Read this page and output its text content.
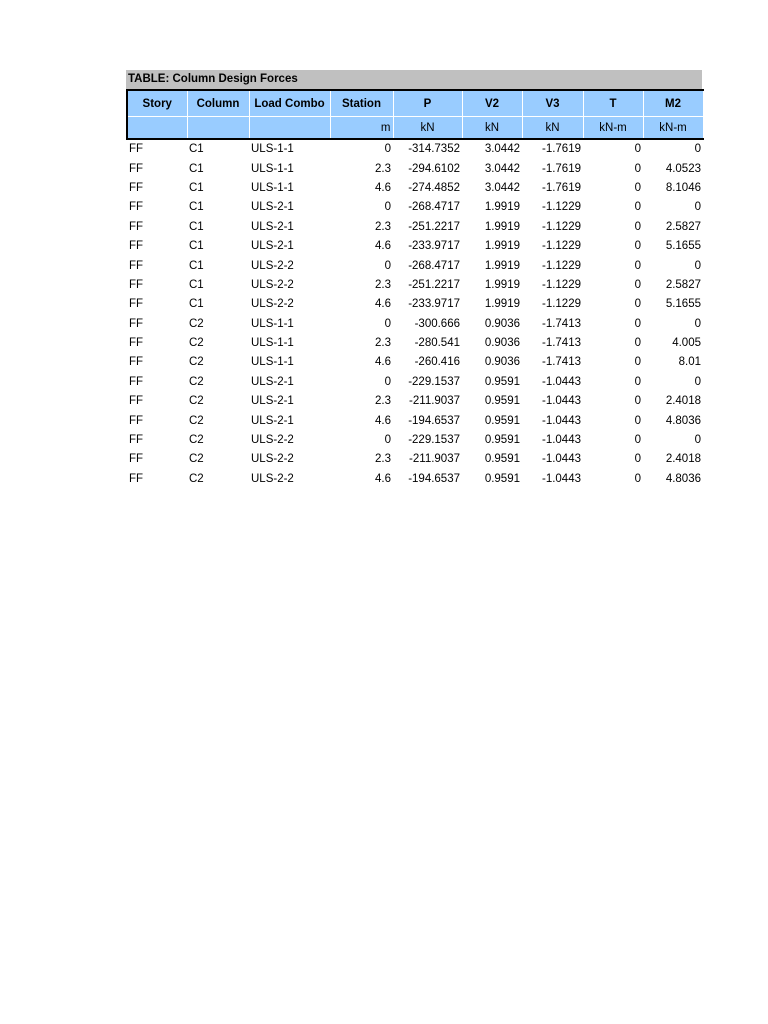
TABLE: Column Design Forces
Story	Column	Load Combo	Station	P	V2	V3	T	M2
			m	kN	kN	kN	kN-m	kN-m
FF	C1	ULS-1-1	0	-314.7352	3.0442	-1.7619	0	0
FF	C1	ULS-1-1	2.3	-294.6102	3.0442	-1.7619	0	4.0523
FF	C1	ULS-1-1	4.6	-274.4852	3.0442	-1.7619	0	8.1046
FF	C1	ULS-2-1	0	-268.4717	1.9919	-1.1229	0	0
FF	C1	ULS-2-1	2.3	-251.2217	1.9919	-1.1229	0	2.5827
FF	C1	ULS-2-1	4.6	-233.9717	1.9919	-1.1229	0	5.1655
FF	C1	ULS-2-2	0	-268.4717	1.9919	-1.1229	0	0
FF	C1	ULS-2-2	2.3	-251.2217	1.9919	-1.1229	0	2.5827
FF	C1	ULS-2-2	4.6	-233.9717	1.9919	-1.1229	0	5.1655
FF	C2	ULS-1-1	0	-300.666	0.9036	-1.7413	0	0
FF	C2	ULS-1-1	2.3	-280.541	0.9036	-1.7413	0	4.005
FF	C2	ULS-1-1	4.6	-260.416	0.9036	-1.7413	0	8.01
FF	C2	ULS-2-1	0	-229.1537	0.9591	-1.0443	0	0
FF	C2	ULS-2-1	2.3	-211.9037	0.9591	-1.0443	0	2.4018
FF	C2	ULS-2-1	4.6	-194.6537	0.9591	-1.0443	0	4.8036
FF	C2	ULS-2-2	0	-229.1537	0.9591	-1.0443	0	0
FF	C2	ULS-2-2	2.3	-211.9037	0.9591	-1.0443	0	2.4018
FF	C2	ULS-2-2	4.6	-194.6537	0.9591	-1.0443	0	4.8036
